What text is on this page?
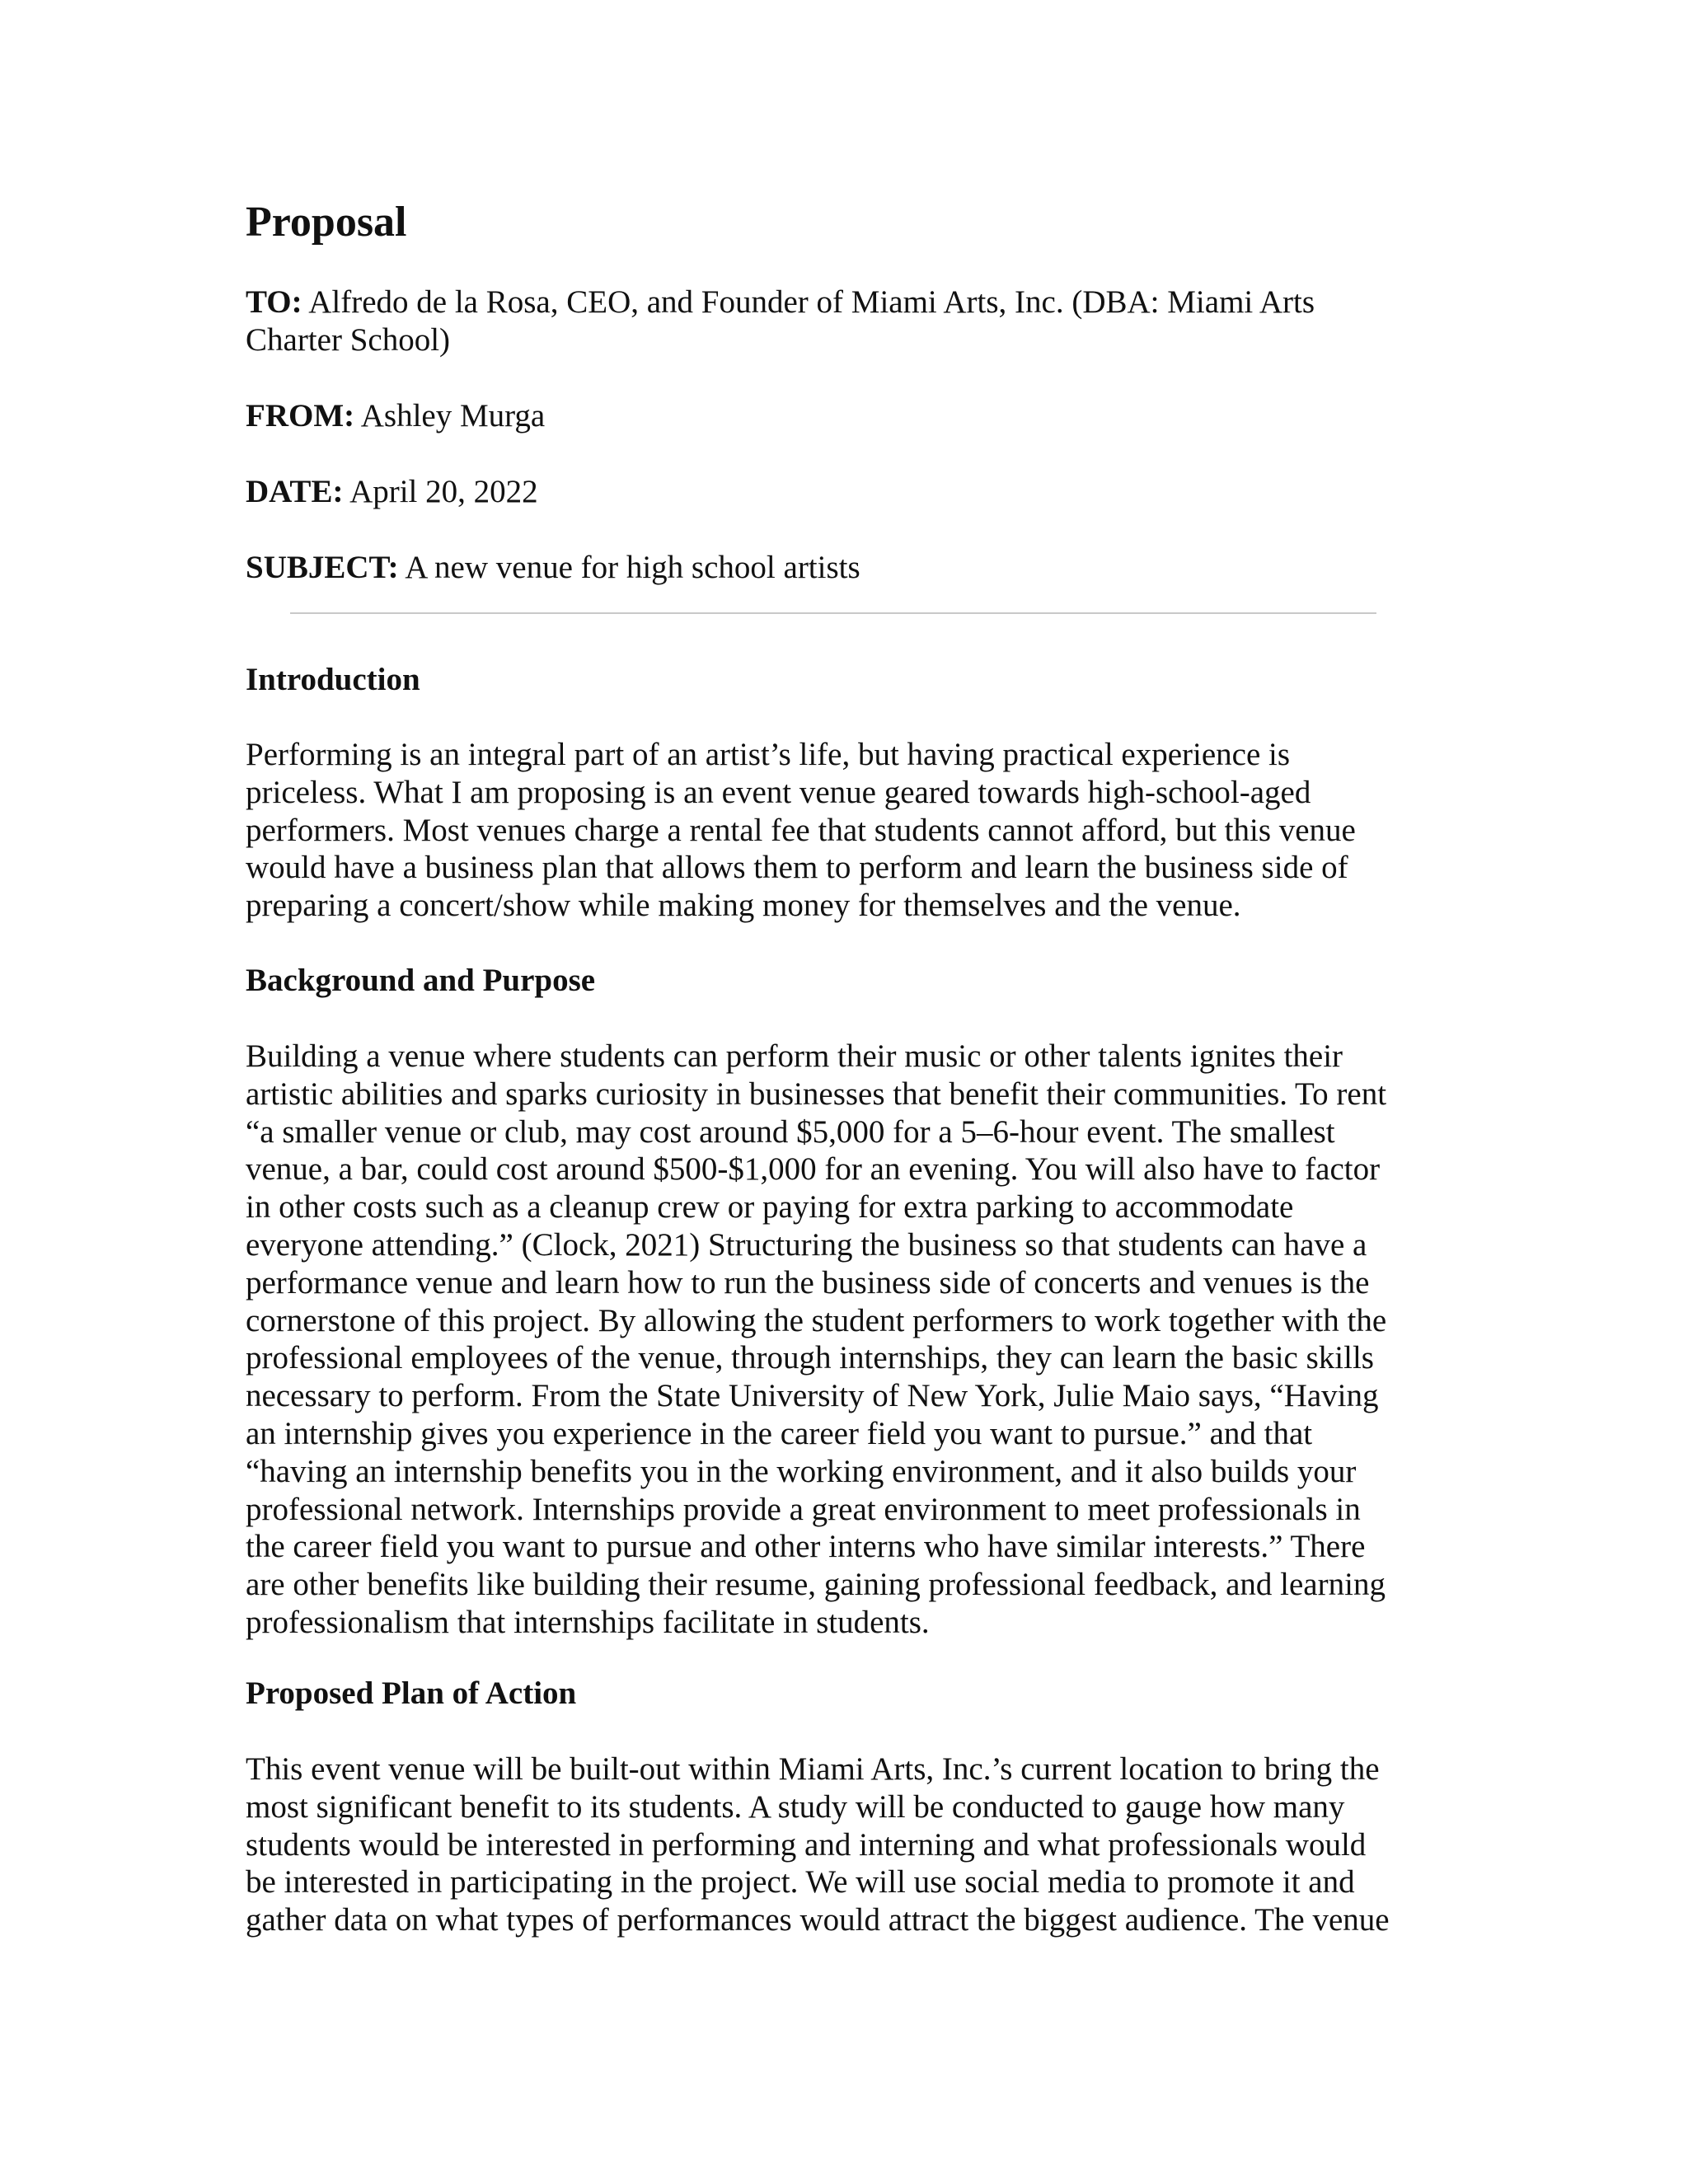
Proposal

TO: Alfredo de la Rosa, CEO, and Founder of Miami Arts, Inc. (DBA: Miami Arts
Charter School)

FROM: Ashley Murga

DATE: April 20, 2022

SUBJECT: A new venue for high school artists

Introduction
Performing is an integral part of an artist’s life, but having practical experience is
priceless. What I am proposing is an event venue geared towards high-school-aged
performers. Most venues charge a rental fee that students cannot afford, but this venue
would have a business plan that allows them to perform and learn the business side of
preparing a concert/show while making money for themselves and the venue.
Background and Purpose
Building a venue where students can perform their music or other talents ignites their
artistic abilities and sparks curiosity in businesses that benefit their communities. To rent
“a smaller venue or club, may cost around $5,000 for a 5–6-hour event. The smallest
venue, a bar, could cost around $500-$1,000 for an evening. You will also have to factor
in other costs such as a cleanup crew or paying for extra parking to accommodate
everyone attending.” (Clock, 2021) Structuring the business so that students can have a
performance venue and learn how to run the business side of concerts and venues is the
cornerstone of this project. By allowing the student performers to work together with the
professional employees of the venue, through internships, they can learn the basic skills
necessary to perform. From the State University of New York, Julie Maio says, “Having
an internship gives you experience in the career field you want to pursue.” and that
“having an internship benefits you in the working environment, and it also builds your
professional network. Internships provide a great environment to meet professionals in
the career field you want to pursue and other interns who have similar interests.” There
are other benefits like building their resume, gaining professional feedback, and learning
professionalism that internships facilitate in students.
Proposed Plan of Action
This event venue will be built-out within Miami Arts, Inc.’s current location to bring the
most significant benefit to its students. A study will be conducted to gauge how many
students would be interested in performing and interning and what professionals would
be interested in participating in the project. We will use social media to promote it and
gather data on what types of performances would attract the biggest audience. The venue
